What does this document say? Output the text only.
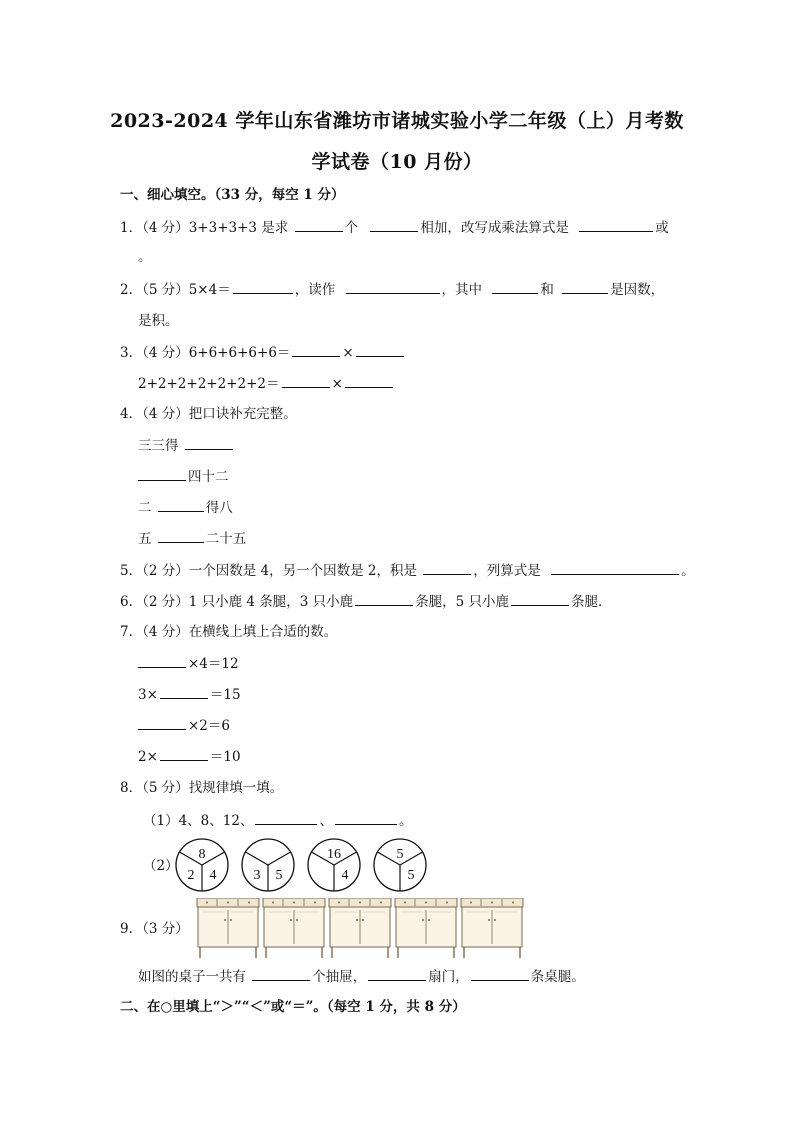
2023-2024 学年山东省潍坊市诸城实验小学二年级（上）月考数
学试卷（10 月份）
一、细心填空。（33 分，每空 1 分）
1．（4 分）3+3+3+3 是求	个	相加，改写成乘法算式是	或
。
2．（5 分）5×4＝	，读作	，其中	和	是因数，
是积。
3．（4 分）6+6+6+6+6＝	×
2+2+2+2+2+2+2＝	×
4．（4 分）把口诀补充完整。
三三得
四十二
二	得八
五	二十五
5．（2 分）一个因数是 4，另一个因数是 2，积是	，列算式是	。
6．（2 分）1 只小鹿 4 条腿，3 只小鹿	条腿，5 只小鹿	条腿．
7．（4 分）在横线上填上合适的数。
×4＝12
3×	＝15
×2＝6
2×	＝10
8．（5 分）找规律填一填。
（1）4、8、12、	、	。
（2）
8
2 4	3 5
16
4
5
5
9．（3 分）
如图的桌子一共有	个抽屉，	扇门，	条桌腿。
二、在○里填上“＞”“＜”或“＝”。（每空 1 分，共 8 分）
